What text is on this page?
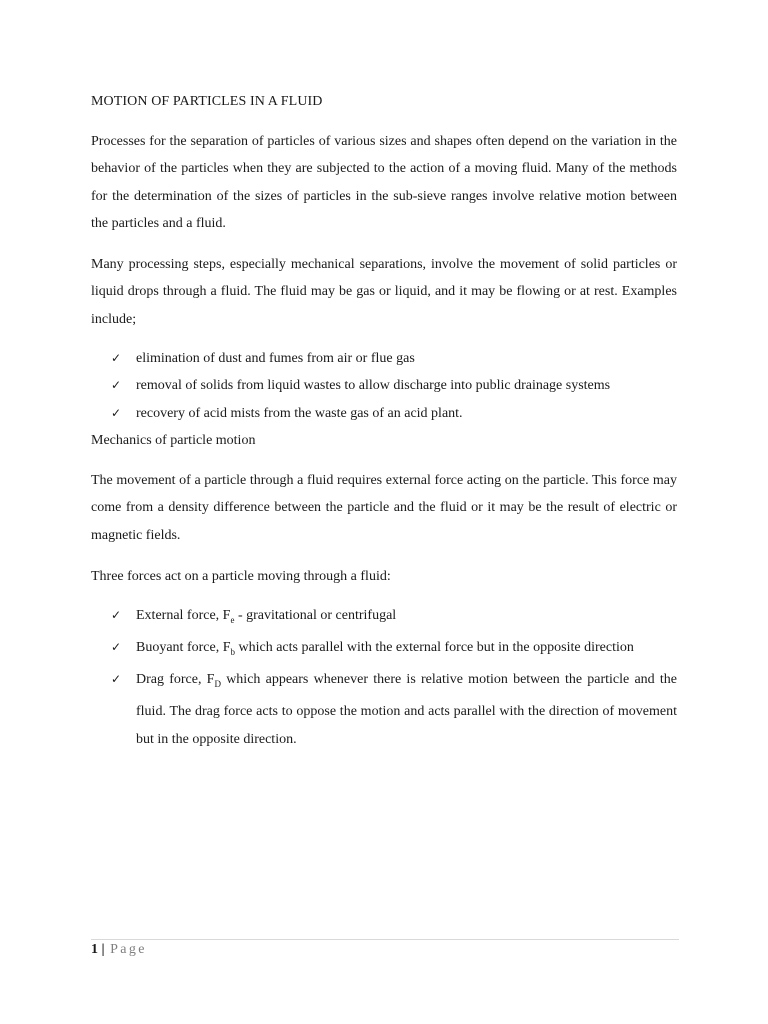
MOTION OF PARTICLES IN A FLUID

Processes for the separation of particles of various sizes and shapes often depend on the variation in the behavior of the particles when they are subjected to the action of a moving fluid. Many of the methods for the determination of the sizes of particles in the sub-sieve ranges involve relative motion between the particles and a fluid.

Many processing steps, especially mechanical separations, involve the movement of solid particles or liquid drops through a fluid. The fluid may be gas or liquid, and it may be flowing or at rest. Examples include;

✓ elimination of dust and fumes from air or flue gas
✓ removal of solids from liquid wastes to allow discharge into public drainage systems
✓ recovery of acid mists from the waste gas of an acid plant.
Mechanics of particle motion

The movement of a particle through a fluid requires external force acting on the particle. This force may come from a density difference between the particle and the fluid or it may be the result of electric or magnetic fields.

Three forces act on a particle moving through a fluid:

✓ External force, $F_e$ - gravitational or centrifugal
✓ Buoyant force, $F_b$ which acts parallel with the external force but in the opposite direction
✓ Drag force, $F_D$ which appears whenever there is relative motion between the particle and the fluid. The drag force acts to oppose the motion and acts parallel with the direction of movement but in the opposite direction.
1 | Page
